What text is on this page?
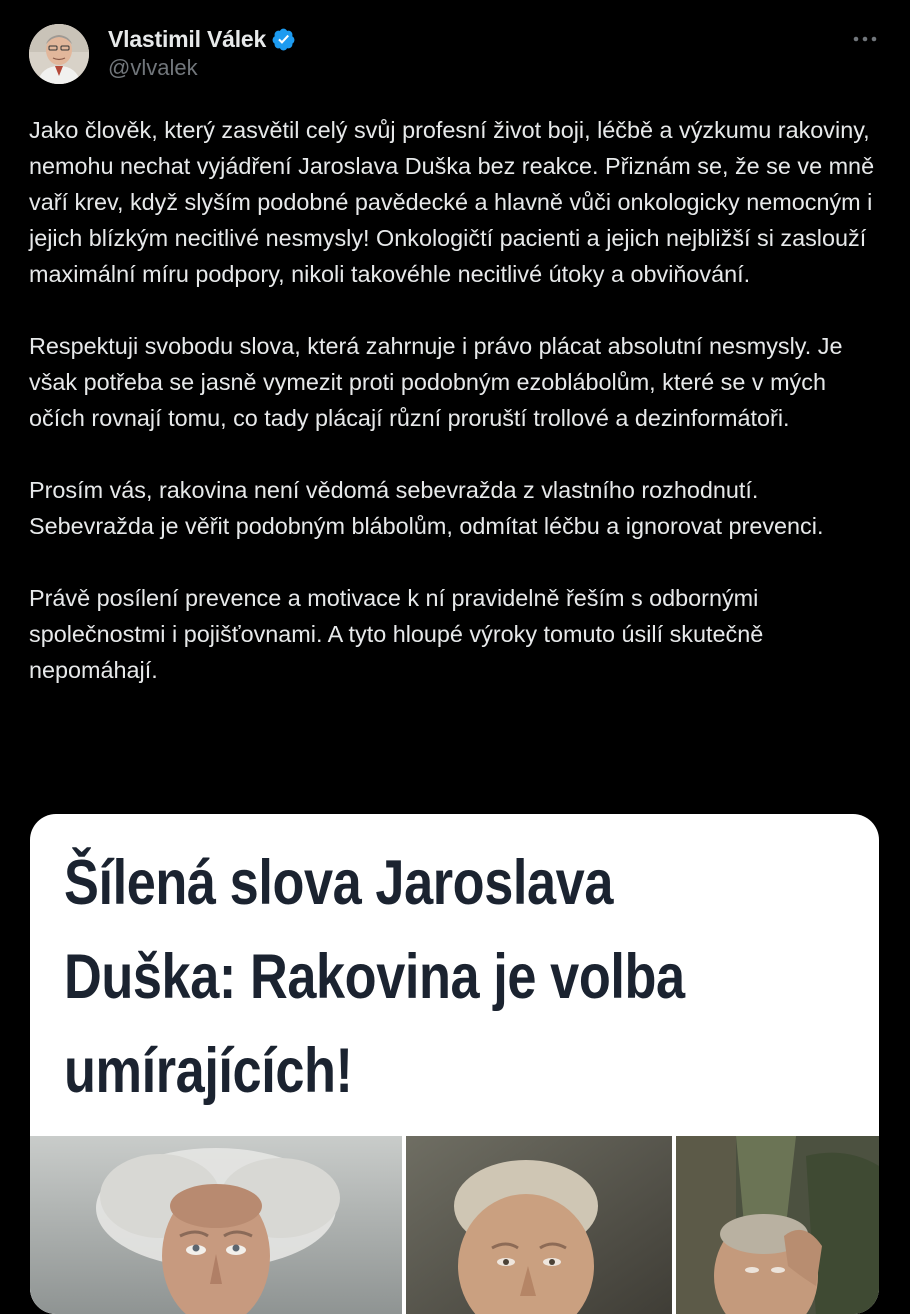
Vlastimil Válek
@vlvalek

Jako člověk, který zasvětil celý svůj profesní život boji, léčbě a výzkumu rakoviny, nemohu nechat vyjádření Jaroslava Duška bez reakce. Přiznám se, že se ve mně vaří krev, když slyším podobné pavědecké a hlavně vůči onkologicky nemocným i jejich blízkým necitlivé nesmysly! Onkologičtí pacienti a jejich nejbližší si zaslouží maximální míru podpory, nikoli takovéhle necitlivé útoky a obviňování.

Respektuji svobodu slova, která zahrnuje i právo plácat absolutní nesmysly. Je však potřeba se jasně vymezit proti podobným ezoblábolům, které se v mých očích rovnají tomu, co tady plácají různí proruští trollové a dezinformátoři.

Prosím vás, rakovina není vědomá sebevražda z vlastního rozhodnutí. Sebevražda je věřit podobným blábolům, odmítat léčbu a ignorovat prevenci.

Právě posílení prevence a motivace k ní pravidelně řeším s odbornými společnostmi i pojišťovnami. A tyto hloupé výroky tomuto úsilí skutečně nepomáhají.

Šílená slova Jaroslava Duška: Rakovina je volba umírajících!
